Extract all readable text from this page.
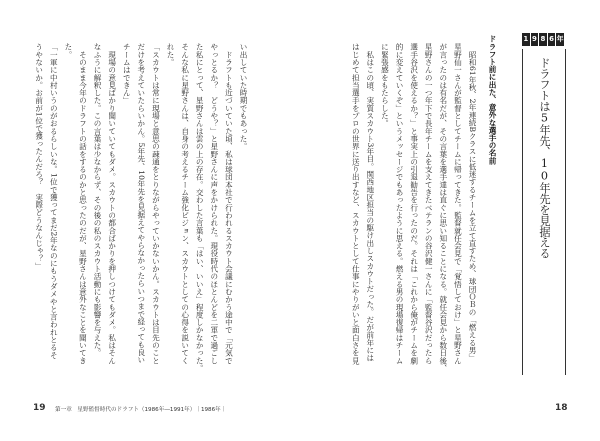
1 9 8 6 年
ドラフトは5年先、10年先を見据える
ドラフト前に出た、意外な選手の名前
　昭和61年秋、2年連続Bクラスに低迷するチームを立て直すため、球団ＯＢの「燃える男」
星野仙一さんが監督としてチームに帰ってきた。監督就任会見で「覚悟しておけ」と星野さん
が言ったのは有名だが、その言葉を選手達は直ぐに思い知ることになる。就任会見から数日後、
星野さんの一つ年下で長年チームを支えてきたベテランの谷沢健一さんに「監督谷沢だったら
選手谷沢を使えるか？」と事実上の引退勧告を行ったのだ。それは「これから俺がチームを劇
的に変えていくぞ」というメッセージでもあったように思える。燃える男の現場復帰はチーム
に緊張感をもたらした。
　私はこの頃、実質スカウト3年目。関西地区担当の駆け出しスカウトだった。だが前年には
はじめて担当選手をプロの世界に送り出すなど、スカウトとして仕事にやりがいと面白さを見
い出していた時期でもあった。
　ドラフトも近づいていた頃、私は球団本社で行われるスカウト会議にむかう途中で「元気で
やっとるか？　どうや？」と星野さんに声をかけられた。現役時代のほとんどを二軍で過ごし
た私にとって、星野さんは雲の上の存在。交わした言葉も「はい、いいえ」程度しかなかった。
そんな私に星野さんは、自身の考えるチーム強化ビジョン、スカウトとしての心得を説いてく
れた。
「スカウトは常に現場と意思の疎通をとりながらやっていかないかん。スカウトは目先のこと
だけを考えていたらいかん。5年先、10年先を見据えてやらなかったらいつまで経っても良い
チームはできん」
　現場の意見ばかり聞いていてもダメ。スカウトの都合ばかりを押しつけてもダメ。私はそん
なふうに解釈した。この言葉は少なからず、その後の私のスカウト活動にも影響を与えた。
　そのまま今年のドラフトの話をするのかと思ったのだが、星野さんは意外なことを聞いてき
た。
「一軍に中村いうのがおるらしいな。1位で獲ってまだ2年なのにもうダメやと言われとるそ
うやないか。お前が1位で獲ったんだろ？　実際どうなんじゃ？」
19 第一章　星野監督時代のドラフト（1986年―1991年）｜1986年｜	18
